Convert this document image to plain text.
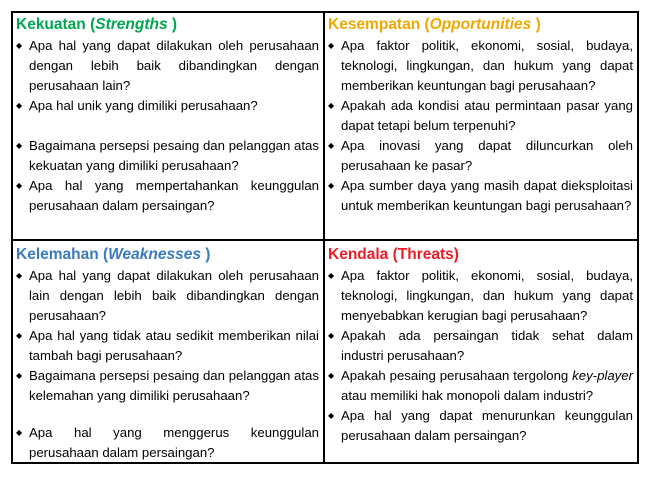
Kekuatan (Strengths )
◆ Apa hal yang dapat dilakukan oleh perusahaan dengan lebih baik dibandingkan dengan perusahaan lain?
◆ Apa hal unik yang dimiliki perusahaan?
◆ Bagaimana persepsi pesaing dan pelanggan atas kekuatan yang dimiliki perusahaan?
◆ Apa hal yang mempertahankan keunggulan perusahaan dalam persaingan?
Kesempatan (Opportunities )
◆ Apa faktor politik, ekonomi, sosial, budaya, teknologi, lingkungan, dan hukum yang dapat memberikan keuntungan bagi perusahaan?
◆ Apakah ada kondisi atau permintaan pasar yang dapat tetapi belum terpenuhi?
◆ Apa inovasi yang dapat diluncurkan oleh perusahaan ke pasar?
◆ Apa sumber daya yang masih dapat dieksploitasi untuk memberikan keuntungan bagi perusahaan?
Kelemahan (Weaknesses )
◆ Apa hal yang dapat dilakukan oleh perusahaan lain dengan lebih baik dibandingkan dengan perusahaan?
◆ Apa hal yang tidak atau sedikit memberikan nilai tambah bagi perusahaan?
◆ Bagaimana persepsi pesaing dan pelanggan atas kelemahan yang dimiliki perusahaan?
◆ Apa hal yang menggerus keunggulan perusahaan dalam persaingan?
Kendala (Threats)
◆ Apa faktor politik, ekonomi, sosial, budaya, teknologi, lingkungan, dan hukum yang dapat menyebabkan kerugian bagi perusahaan?
◆ Apakah ada persaingan tidak sehat dalam industri perusahaan?
◆ Apakah pesaing perusahaan tergolong key-player atau memiliki hak monopoli dalam industri?
◆ Apa hal yang dapat menurunkan keunggulan perusahaan dalam persaingan?
